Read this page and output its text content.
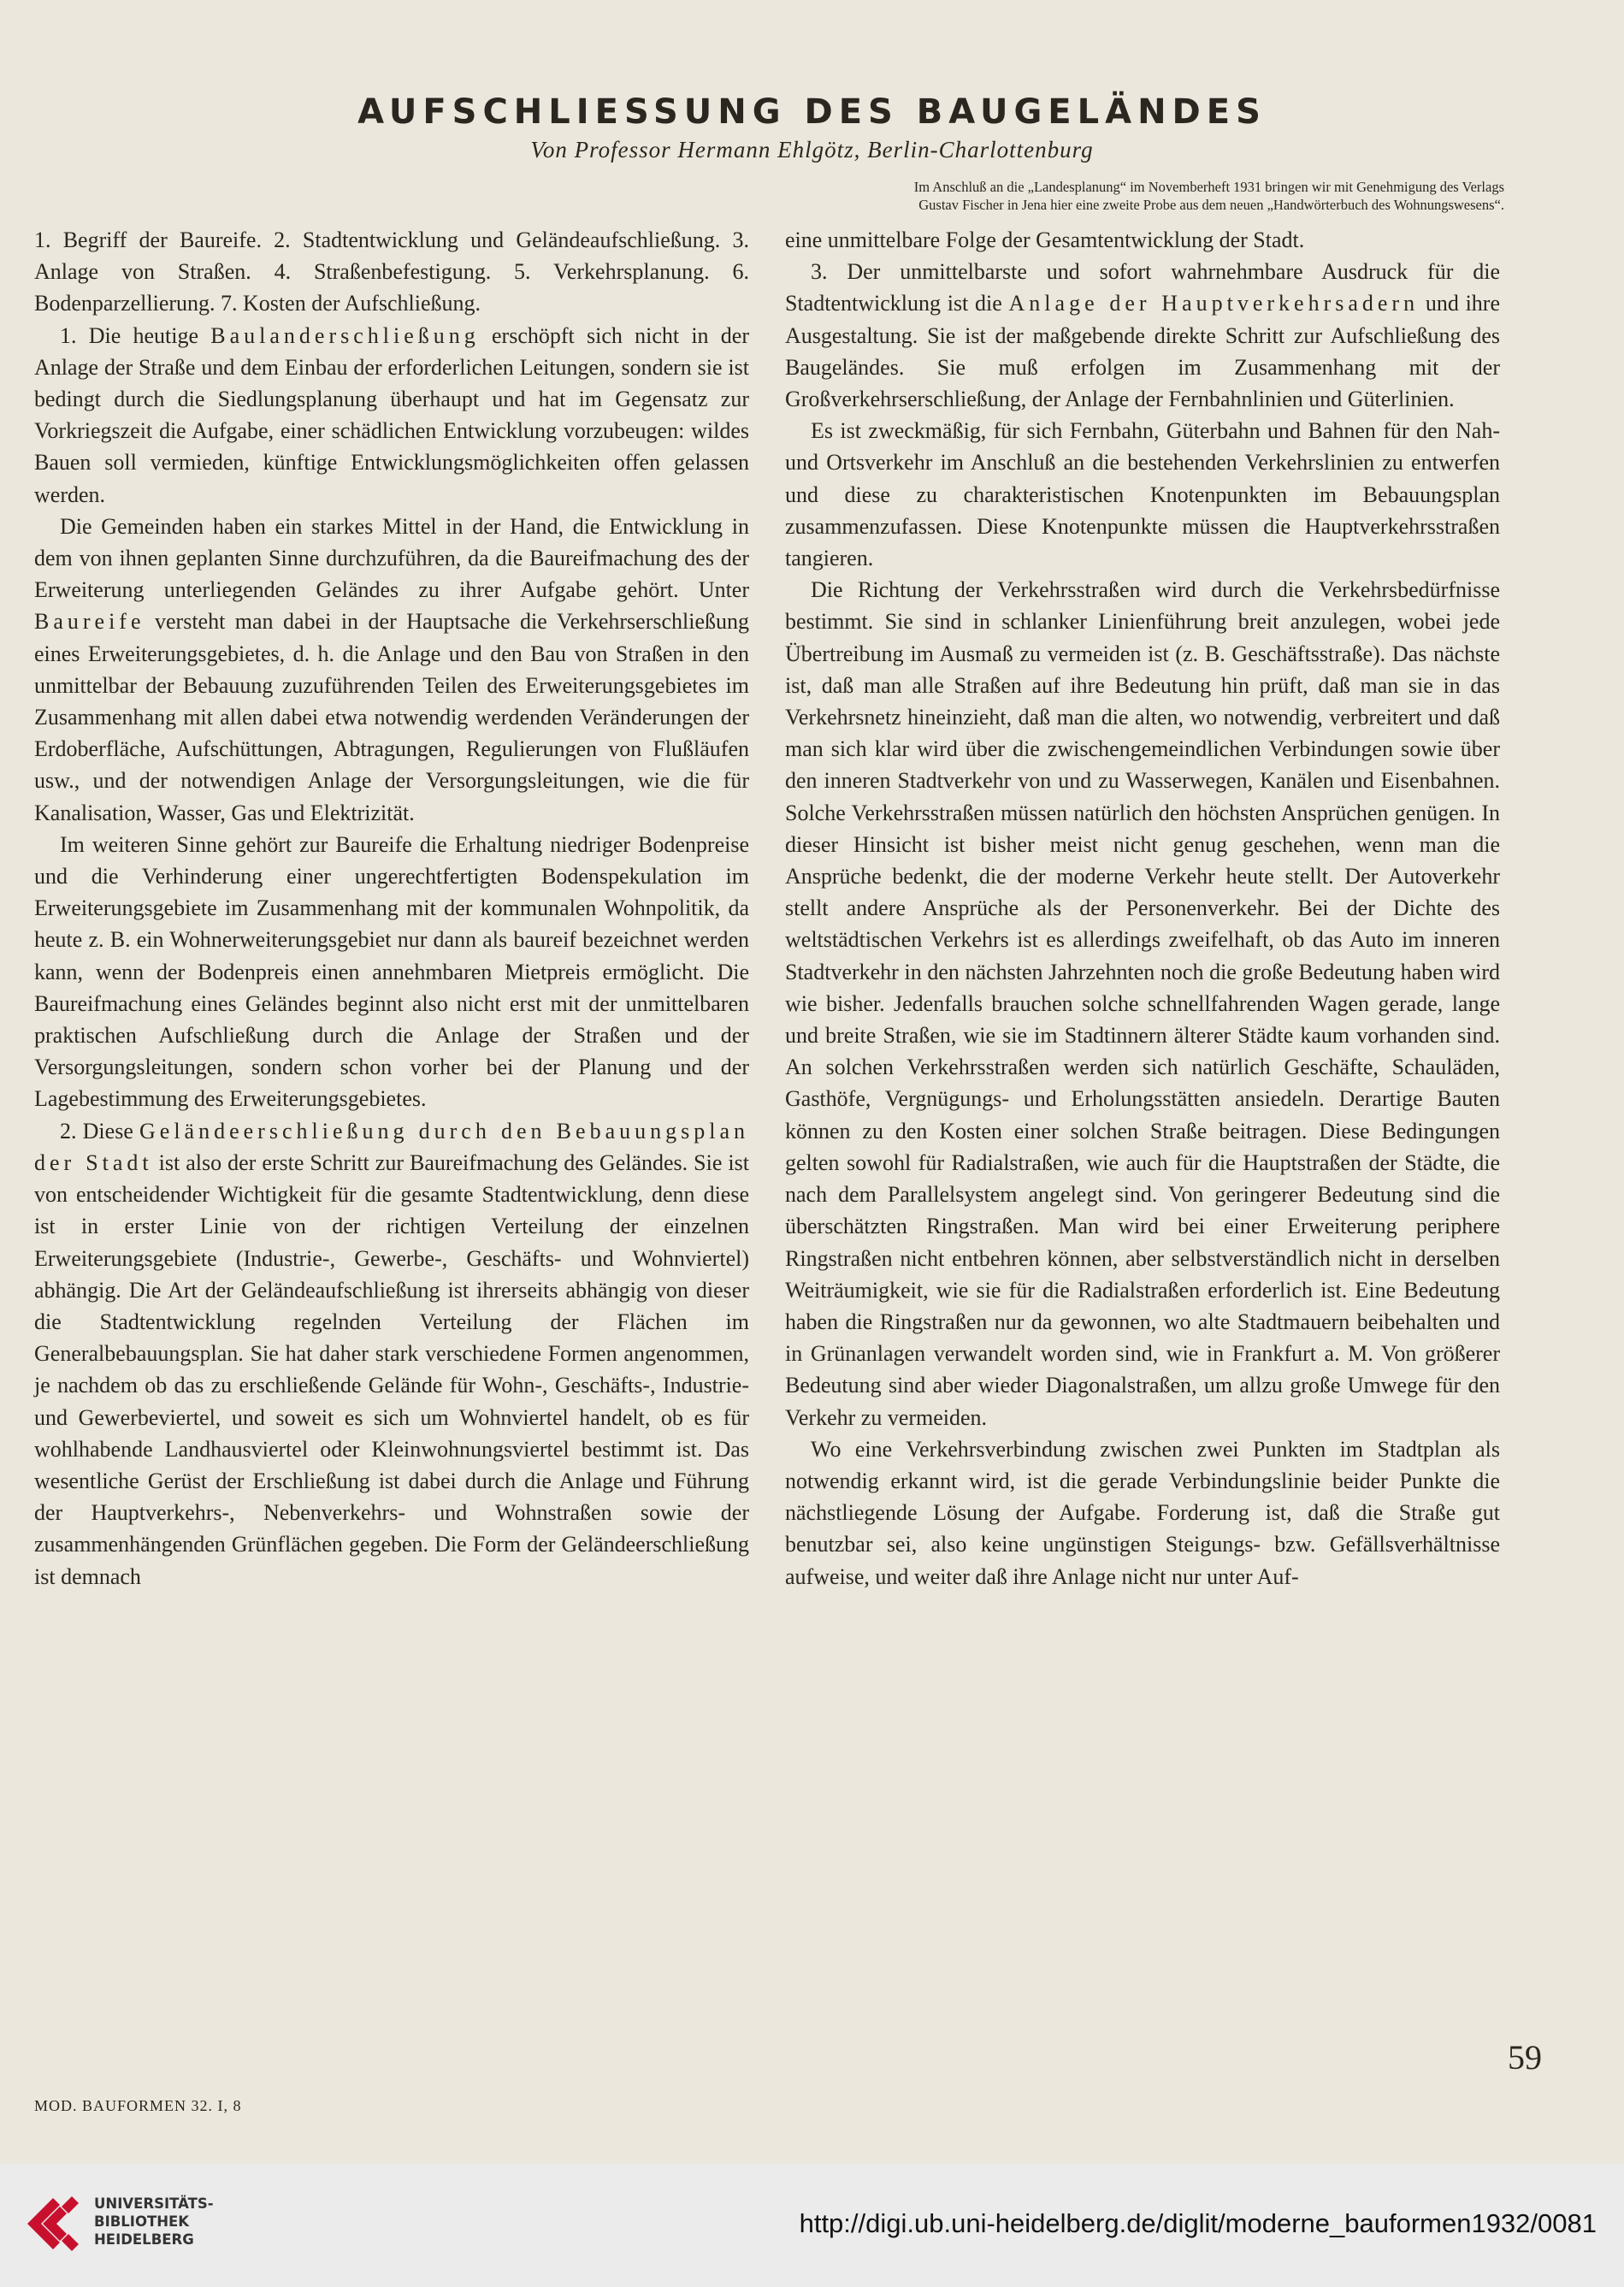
AUFSCHLIESSUNG DES BAUGELÄNDES
Von Professor Hermann Ehlgötz, Berlin-Charlottenburg
Im Anschluß an die „Landesplanung“ im Novemberheft 1931 bringen wir mit Genehmigung des Verlags
Gustav Fischer in Jena hier eine zweite Probe aus dem neuen „Handwörterbuch des Wohnungswesens“.

1. Begriff der Baureife. 2. Stadtentwicklung und Geländeaufschließung. 3. Anlage von Straßen. 4. Straßenbefestigung. 5. Verkehrsplanung. 6. Bodenparzellierung. 7. Kosten der Aufschließung.

1. Die heutige Baulanderschließung erschöpft sich nicht in der Anlage der Straße und dem Einbau der erforderlichen Leitungen, sondern sie ist bedingt durch die Siedlungsplanung überhaupt und hat im Gegensatz zur Vorkriegszeit die Aufgabe, einer schädlichen Entwicklung vorzubeugen: wildes Bauen soll vermieden, künftige Entwicklungsmöglichkeiten offen gelassen werden.

Die Gemeinden haben ein starkes Mittel in der Hand, die Entwicklung in dem von ihnen geplanten Sinne durchzuführen, da die Baureifmachung des der Erweiterung unterliegenden Geländes zu ihrer Aufgabe gehört. Unter Baureife versteht man dabei in der Hauptsache die Verkehrserschließung eines Erweiterungsgebietes, d. h. die Anlage und den Bau von Straßen in den unmittelbar der Bebauung zuzuführenden Teilen des Erweiterungsgebietes im Zusammenhang mit allen dabei etwa notwendig werdenden Veränderungen der Erdoberfläche, Aufschüttungen, Abtragungen, Regulierungen von Flußläufen usw., und der notwendigen Anlage der Versorgungsleitungen, wie die für Kanalisation, Wasser, Gas und Elektrizität.

Im weiteren Sinne gehört zur Baureife die Erhaltung niedriger Bodenpreise und die Verhinderung einer ungerechtfertigten Bodenspekulation im Erweiterungsgebiete im Zusammenhang mit der kommunalen Wohnpolitik, da heute z. B. ein Wohnerweiterungsgebiet nur dann als baureif bezeichnet werden kann, wenn der Bodenpreis einen annehmbaren Mietpreis ermöglicht. Die Baureifmachung eines Geländes beginnt also nicht erst mit der unmittelbaren praktischen Aufschließung durch die Anlage der Straßen und der Versorgungsleitungen, sondern schon vorher bei der Planung und der Lagebestimmung des Erweiterungsgebietes.

2. Diese Geländeerschließung durch den Bebauungsplan der Stadt ist also der erste Schritt zur Baureifmachung des Geländes. Sie ist von entscheidender Wichtigkeit für die gesamte Stadtentwicklung, denn diese ist in erster Linie von der richtigen Verteilung der einzelnen Erweiterungsgebiete (Industrie-, Gewerbe-, Geschäfts- und Wohnviertel) abhängig. Die Art der Geländeaufschließung ist ihrerseits abhängig von dieser die Stadtentwicklung regelnden Verteilung der Flächen im Generalbebauungsplan. Sie hat daher stark verschiedene Formen angenommen, je nachdem ob das zu erschließende Gelände für Wohn-, Geschäfts-, Industrie- und Gewerbeviertel, und soweit es sich um Wohnviertel handelt, ob es für wohlhabende Landhausviertel oder Kleinwohnungsviertel bestimmt ist. Das wesentliche Gerüst der Erschließung ist dabei durch die Anlage und Führung der Hauptverkehrs-, Nebenverkehrs- und Wohnstraßen sowie der zusammenhängenden Grünflächen gegeben. Die Form der Geländeerschließung ist demnach

eine unmittelbare Folge der Gesamtentwicklung der Stadt.

3. Der unmittelbarste und sofort wahrnehmbare Ausdruck für die Stadtentwicklung ist die Anlage der Hauptverkehrsadern und ihre Ausgestaltung. Sie ist der maßgebende direkte Schritt zur Aufschließung des Baugeländes. Sie muß erfolgen im Zusammenhang mit der Großverkehrserschließung, der Anlage der Fernbahnlinien und Güterlinien.

Es ist zweckmäßig, für sich Fernbahn, Güterbahn und Bahnen für den Nah- und Ortsverkehr im Anschluß an die bestehenden Verkehrslinien zu entwerfen und diese zu charakteristischen Knotenpunkten im Bebauungsplan zusammenzufassen. Diese Knotenpunkte müssen die Hauptverkehrsstraßen tangieren.

Die Richtung der Verkehrsstraßen wird durch die Verkehrsbedürfnisse bestimmt. Sie sind in schlanker Linienführung breit anzulegen, wobei jede Übertreibung im Ausmaß zu vermeiden ist (z. B. Geschäftsstraße). Das nächste ist, daß man alle Straßen auf ihre Bedeutung hin prüft, daß man sie in das Verkehrsnetz hineinzieht, daß man die alten, wo notwendig, verbreitert und daß man sich klar wird über die zwischengemeindlichen Verbindungen sowie über den inneren Stadtverkehr von und zu Wasserwegen, Kanälen und Eisenbahnen. Solche Verkehrsstraßen müssen natürlich den höchsten Ansprüchen genügen. In dieser Hinsicht ist bisher meist nicht genug geschehen, wenn man die Ansprüche bedenkt, die der moderne Verkehr heute stellt. Der Autoverkehr stellt andere Ansprüche als der Personenverkehr. Bei der Dichte des weltstädtischen Verkehrs ist es allerdings zweifelhaft, ob das Auto im inneren Stadtverkehr in den nächsten Jahrzehnten noch die große Bedeutung haben wird wie bisher. Jedenfalls brauchen solche schnellfahrenden Wagen gerade, lange und breite Straßen, wie sie im Stadtinnern älterer Städte kaum vorhanden sind. An solchen Verkehrsstraßen werden sich natürlich Geschäfte, Schauläden, Gasthöfe, Vergnügungs- und Erholungsstätten ansiedeln. Derartige Bauten können zu den Kosten einer solchen Straße beitragen. Diese Bedingungen gelten sowohl für Radialstraßen, wie auch für die Hauptstraßen der Städte, die nach dem Parallelsystem angelegt sind. Von geringerer Bedeutung sind die überschätzten Ringstraßen. Man wird bei einer Erweiterung periphere Ringstraßen nicht entbehren können, aber selbstverständlich nicht in derselben Weiträumigkeit, wie sie für die Radialstraßen erforderlich ist. Eine Bedeutung haben die Ringstraßen nur da gewonnen, wo alte Stadtmauern beibehalten und in Grünanlagen verwandelt worden sind, wie in Frankfurt a. M. Von größerer Bedeutung sind aber wieder Diagonalstraßen, um allzu große Umwege für den Verkehr zu vermeiden.

Wo eine Verkehrsverbindung zwischen zwei Punkten im Stadtplan als notwendig erkannt wird, ist die gerade Verbindungslinie beider Punkte die nächstliegende Lösung der Aufgabe. Forderung ist, daß die Straße gut benutzbar sei, also keine ungünstigen Steigungs- bzw. Gefällsverhältnisse aufweise, und weiter daß ihre Anlage nicht nur unter Auf-

59
MOD. BAUFORMEN 32. I, 8
UNIVERSITÄTS-
BIBLIOTHEK
HEIDELBERG
http://digi.ub.uni-heidelberg.de/diglit/moderne_bauformen1932/0081
